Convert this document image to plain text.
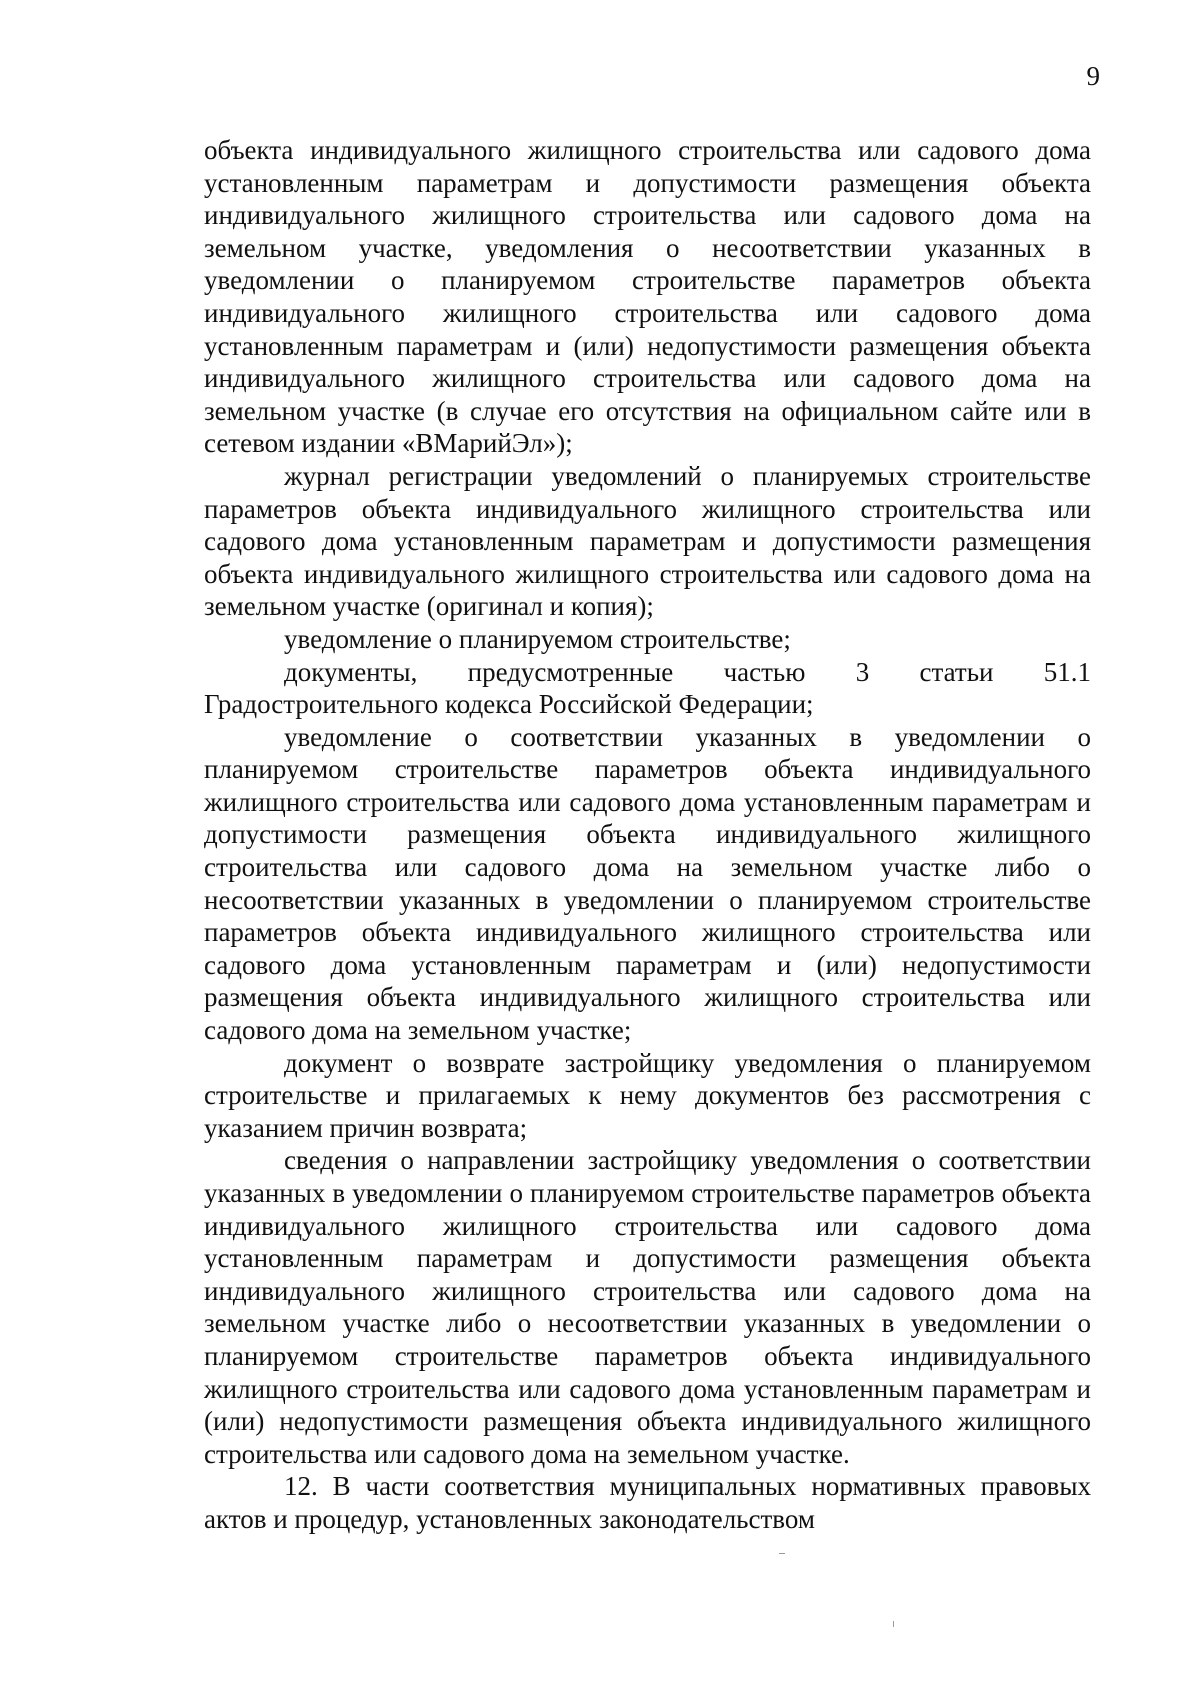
9

объекта индивидуального жилищного строительства или садового дома установленным параметрам и допустимости размещения объекта индивидуального жилищного строительства или садового дома на земельном участке, уведомления о несоответствии указанных в уведомлении о планируемом строительстве параметров объекта индивидуального жилищного строительства или садового дома установленным параметрам и (или) недопустимости размещения объекта индивидуального жилищного строительства или садового дома на земельном участке (в случае его отсутствия на официальном сайте или в сетевом издании «ВМарийЭл»);

журнал регистрации уведомлений о планируемых строительстве параметров объекта индивидуального жилищного строительства или садового дома установленным параметрам и допустимости размещения объекта индивидуального жилищного строительства или садового дома на земельном участке (оригинал и копия);

уведомление о планируемом строительстве;

документы, предусмотренные частью 3 статьи 51.1 Градостроительного кодекса Российской Федерации;

уведомление о соответствии указанных в уведомлении о планируемом строительстве параметров объекта индивидуального жилищного строительства или садового дома установленным параметрам и допустимости размещения объекта индивидуального жилищного строительства или садового дома на земельном участке либо о несоответствии указанных в уведомлении о планируемом строительстве параметров объекта индивидуального жилищного строительства или садового дома установленным параметрам и (или) недопустимости размещения объекта индивидуального жилищного строительства или садового дома на земельном участке;

документ о возврате застройщику уведомления о планируемом строительстве и прилагаемых к нему документов без рассмотрения с указанием причин возврата;

сведения о направлении застройщику уведомления о соответствии указанных в уведомлении о планируемом строительстве параметров объекта индивидуального жилищного строительства или садового дома установленным параметрам и допустимости размещения объекта индивидуального жилищного строительства или садового дома на земельном участке либо о несоответствии указанных в уведомлении о планируемом строительстве параметров объекта индивидуального жилищного строительства или садового дома установленным параметрам и (или) недопустимости размещения объекта индивидуального жилищного строительства или садового дома на земельном участке.

12. В части соответствия муниципальных нормативных правовых актов и процедур, установленных законодательством
